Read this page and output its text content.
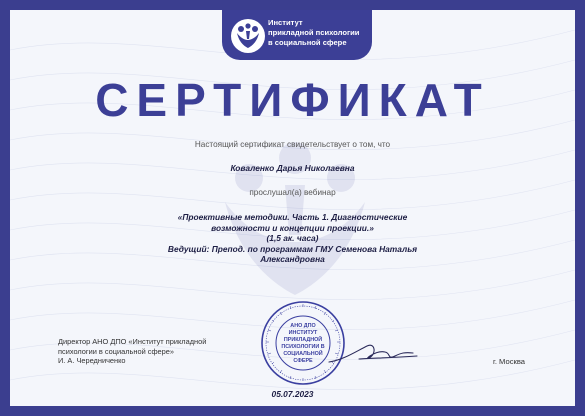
Институт
прикладной психологии
в социальной сфере
СЕРТИФИКАТ
Настоящий сертификат свидетельствует о том, что
Коваленко Дарья Николаевна
прослушал(а) вебинар
«Проективные методики. Часть 1. Диагностические
возможности и концепции проекции.»
(1,5 ак. часа)
Ведущий: Препод. по программам ГМУ Семенова Наталья
Александровна
Директор АНО ДПО «Институт прикладной
психологии в социальной сфере»
И. А. Чередниченко
АНО ДПО
ИНСТИТУТ
ПРИКЛАДНОЙ
ПСИХОЛОГИИ В
СОЦИАЛЬНОЙ
СФЕРЕ	г. Москва
05.07.2023
